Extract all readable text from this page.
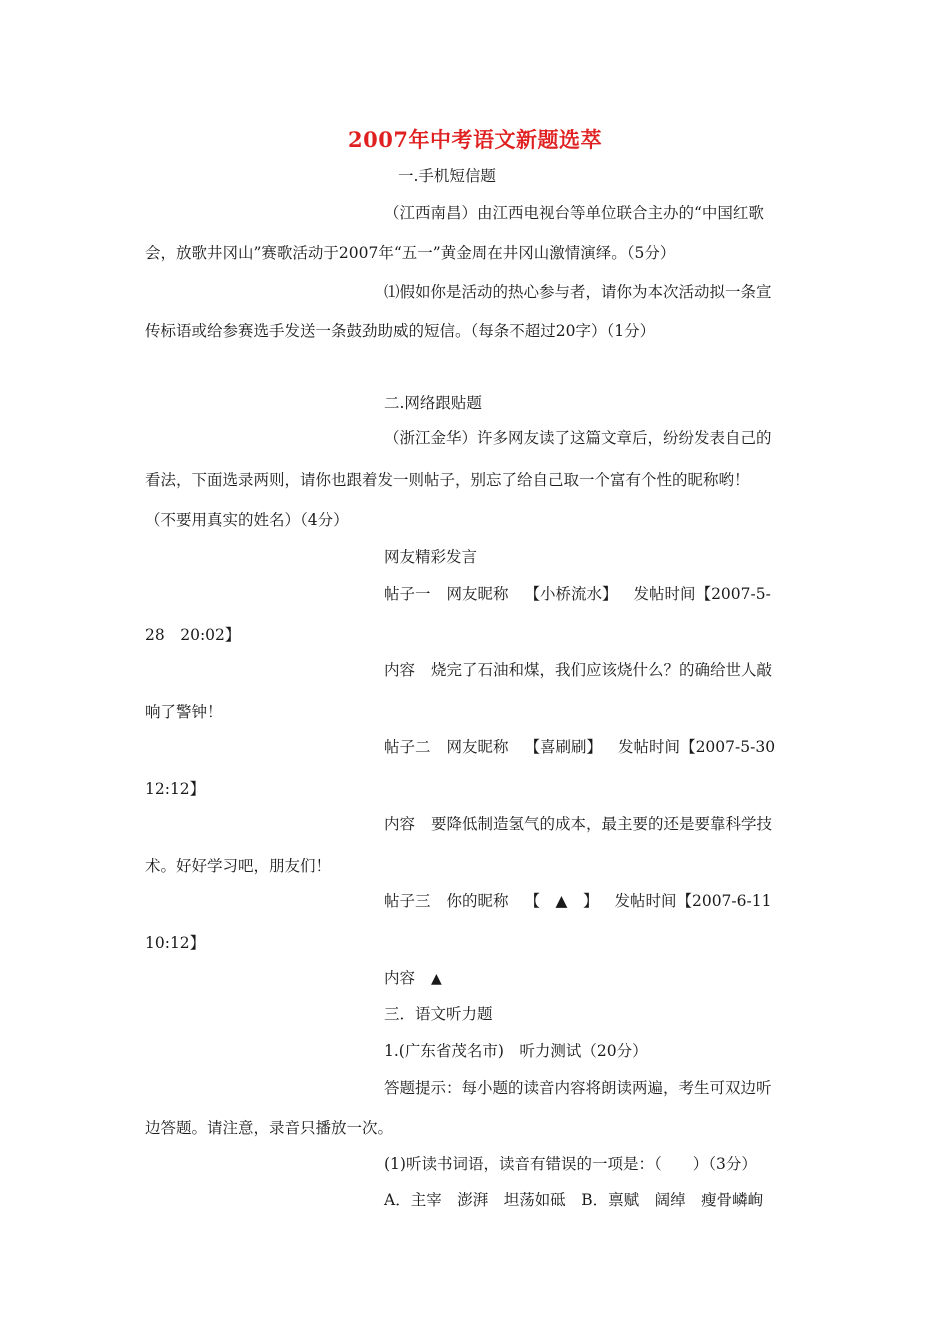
2007年中考语文新题选萃
一.手机短信题
（江西南昌）由江西电视台等单位联合主办的“中国红歌
会，放歌井冈山”赛歌活动于2007年“五一”黄金周在井冈山激情演绎。（5分）
⑴假如你是活动的热心参与者，请你为本次活动拟一条宣
传标语或给参赛选手发送一条鼓劲助威的短信。（每条不超过20字）（1分）
二.网络跟贴题
（浙江金华）许多网友读了这篇文章后，纷纷发表自己的
看法，下面选录两则，请你也跟着发一则帖子，别忘了给自己取一个富有个性的昵称哟！
（不要用真实的姓名）（4分）
网友精彩发言
帖子一 网友昵称 【小桥流水】 发帖时间【2007-5-
28　20:02】
内容 烧完了石油和煤，我们应该烧什么？的确给世人敲
响了警钟！
帖子二 网友昵称 【喜刷刷】 发帖时间【2007-5-30
12:12】
内容 要降低制造氢气的成本，最主要的还是要靠科学技
术。好好学习吧，朋友们！
帖子三 你的昵称 【　▲　】 发帖时间【2007-6-11
10:12】
内容 ▲
三．语文听力题
1.(广东省茂名市)　听力测试（20分）
答题提示：每小题的读音内容将朗读两遍，考生可双边听
边答题。请注意，录音只播放一次。
(1)听读书词语，读音有错误的一项是：（　　）（3分）
A．主宰　澎湃　坦荡如砥　B．禀赋　阔绰　瘦骨嶙峋
